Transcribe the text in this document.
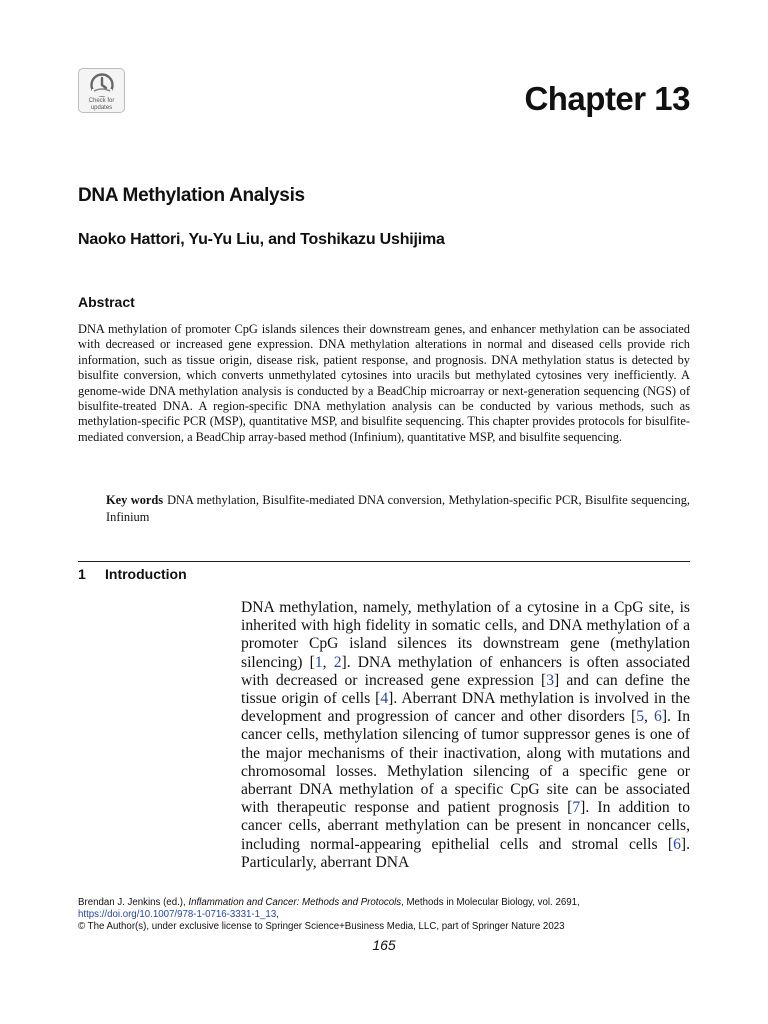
Check for
updates	Chapter 13
DNA Methylation Analysis
Naoko Hattori, Yu-Yu Liu, and Toshikazu Ushijima
Abstract

DNA methylation of promoter CpG islands silences their downstream genes, and enhancer methylation can be associated with decreased or increased gene expression. DNA methylation alterations in normal and diseased cells provide rich information, such as tissue origin, disease risk, patient response, and prognosis. DNA methylation status is detected by bisulfite conversion, which converts unmethylated cytosines into uracils but methylated cytosines very inefficiently. A genome-wide DNA methylation analysis is conducted by a BeadChip microarray or next-generation sequencing (NGS) of bisulfite-treated DNA. A region-specific DNA methylation analysis can be conducted by various methods, such as methylation-specific PCR (MSP), quantitative MSP, and bisulfite sequencing. This chapter provides protocols for bisulfite-mediated conversion, a BeadChip array-based method (Infinium), quantitative MSP, and bisulfite sequencing.

Key words DNA methylation, Bisulfite-mediated DNA conversion, Methylation-specific PCR, Bisulfite sequencing, Infinium

1 Introduction

DNA methylation, namely, methylation of a cytosine in a CpG site, is inherited with high fidelity in somatic cells, and DNA methylation of a promoter CpG island silences its downstream gene (methylation silencing) [1, 2]. DNA methylation of enhancers is often associated with decreased or increased gene expression [3] and can define the tissue origin of cells [4]. Aberrant DNA methylation is involved in the development and progression of cancer and other disorders [5, 6]. In cancer cells, methylation silencing of tumor suppressor genes is one of the major mechanisms of their inactivation, along with mutations and chromosomal losses. Methylation silencing of a specific gene or aberrant DNA methylation of a specific CpG site can be associated with therapeutic response and patient prognosis [7]. In addition to cancer cells, aberrant methylation can be present in noncancer cells, including normal-appearing epithelial cells and stromal cells [6]. Particularly, aberrant DNA

Brendan J. Jenkins (ed.), Inflammation and Cancer: Methods and Protocols, Methods in Molecular Biology, vol. 2691,
https://doi.org/10.1007/978-1-0716-3331-1_13,
© The Author(s), under exclusive license to Springer Science+Business Media, LLC, part of Springer Nature 2023
165
